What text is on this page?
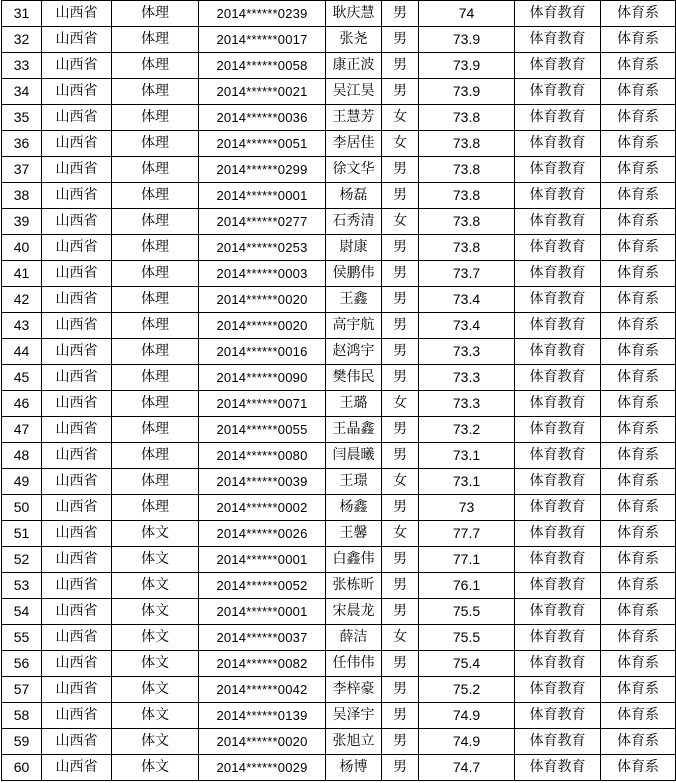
31	山西省	体理	2014******0239	耿庆慧	男	74	体育教育	体育系
32	山西省	体理	2014******0017	张尧	男	73.9	体育教育	体育系
33	山西省	体理	2014******0058	康正波	男	73.9	体育教育	体育系
34	山西省	体理	2014******0021	吴江昊	男	73.9	体育教育	体育系
35	山西省	体理	2014******0036	王慧芳	女	73.8	体育教育	体育系
36	山西省	体理	2014******0051	李居佳	女	73.8	体育教育	体育系
37	山西省	体理	2014******0299	徐文华	男	73.8	体育教育	体育系
38	山西省	体理	2014******0001	杨磊	男	73.8	体育教育	体育系
39	山西省	体理	2014******0277	石秀清	女	73.8	体育教育	体育系
40	山西省	体理	2014******0253	尉康	男	73.8	体育教育	体育系
41	山西省	体理	2014******0003	侯鹏伟	男	73.7	体育教育	体育系
42	山西省	体理	2014******0020	王鑫	男	73.4	体育教育	体育系
43	山西省	体理	2014******0020	高宇航	男	73.4	体育教育	体育系
44	山西省	体理	2014******0016	赵鸿宇	男	73.3	体育教育	体育系
45	山西省	体理	2014******0090	樊伟民	男	73.3	体育教育	体育系
46	山西省	体理	2014******0071	王璐	女	73.3	体育教育	体育系
47	山西省	体理	2014******0055	王晶鑫	男	73.2	体育教育	体育系
48	山西省	体理	2014******0080	闫晨曦	男	73.1	体育教育	体育系
49	山西省	体理	2014******0039	王璟	女	73.1	体育教育	体育系
50	山西省	体理	2014******0002	杨鑫	男	73	体育教育	体育系
51	山西省	体文	2014******0026	王馨	女	77.7	体育教育	体育系
52	山西省	体文	2014******0001	白鑫伟	男	77.1	体育教育	体育系
53	山西省	体文	2014******0052	张栋昕	男	76.1	体育教育	体育系
54	山西省	体文	2014******0001	宋晨龙	男	75.5	体育教育	体育系
55	山西省	体文	2014******0037	薛洁	女	75.5	体育教育	体育系
56	山西省	体文	2014******0082	任伟伟	男	75.4	体育教育	体育系
57	山西省	体文	2014******0042	李梓豪	男	75.2	体育教育	体育系
58	山西省	体文	2014******0139	吴泽宇	男	74.9	体育教育	体育系
59	山西省	体文	2014******0020	张旭立	男	74.9	体育教育	体育系
60	山西省	体文	2014******0029	杨博	男	74.7	体育教育	体育系
